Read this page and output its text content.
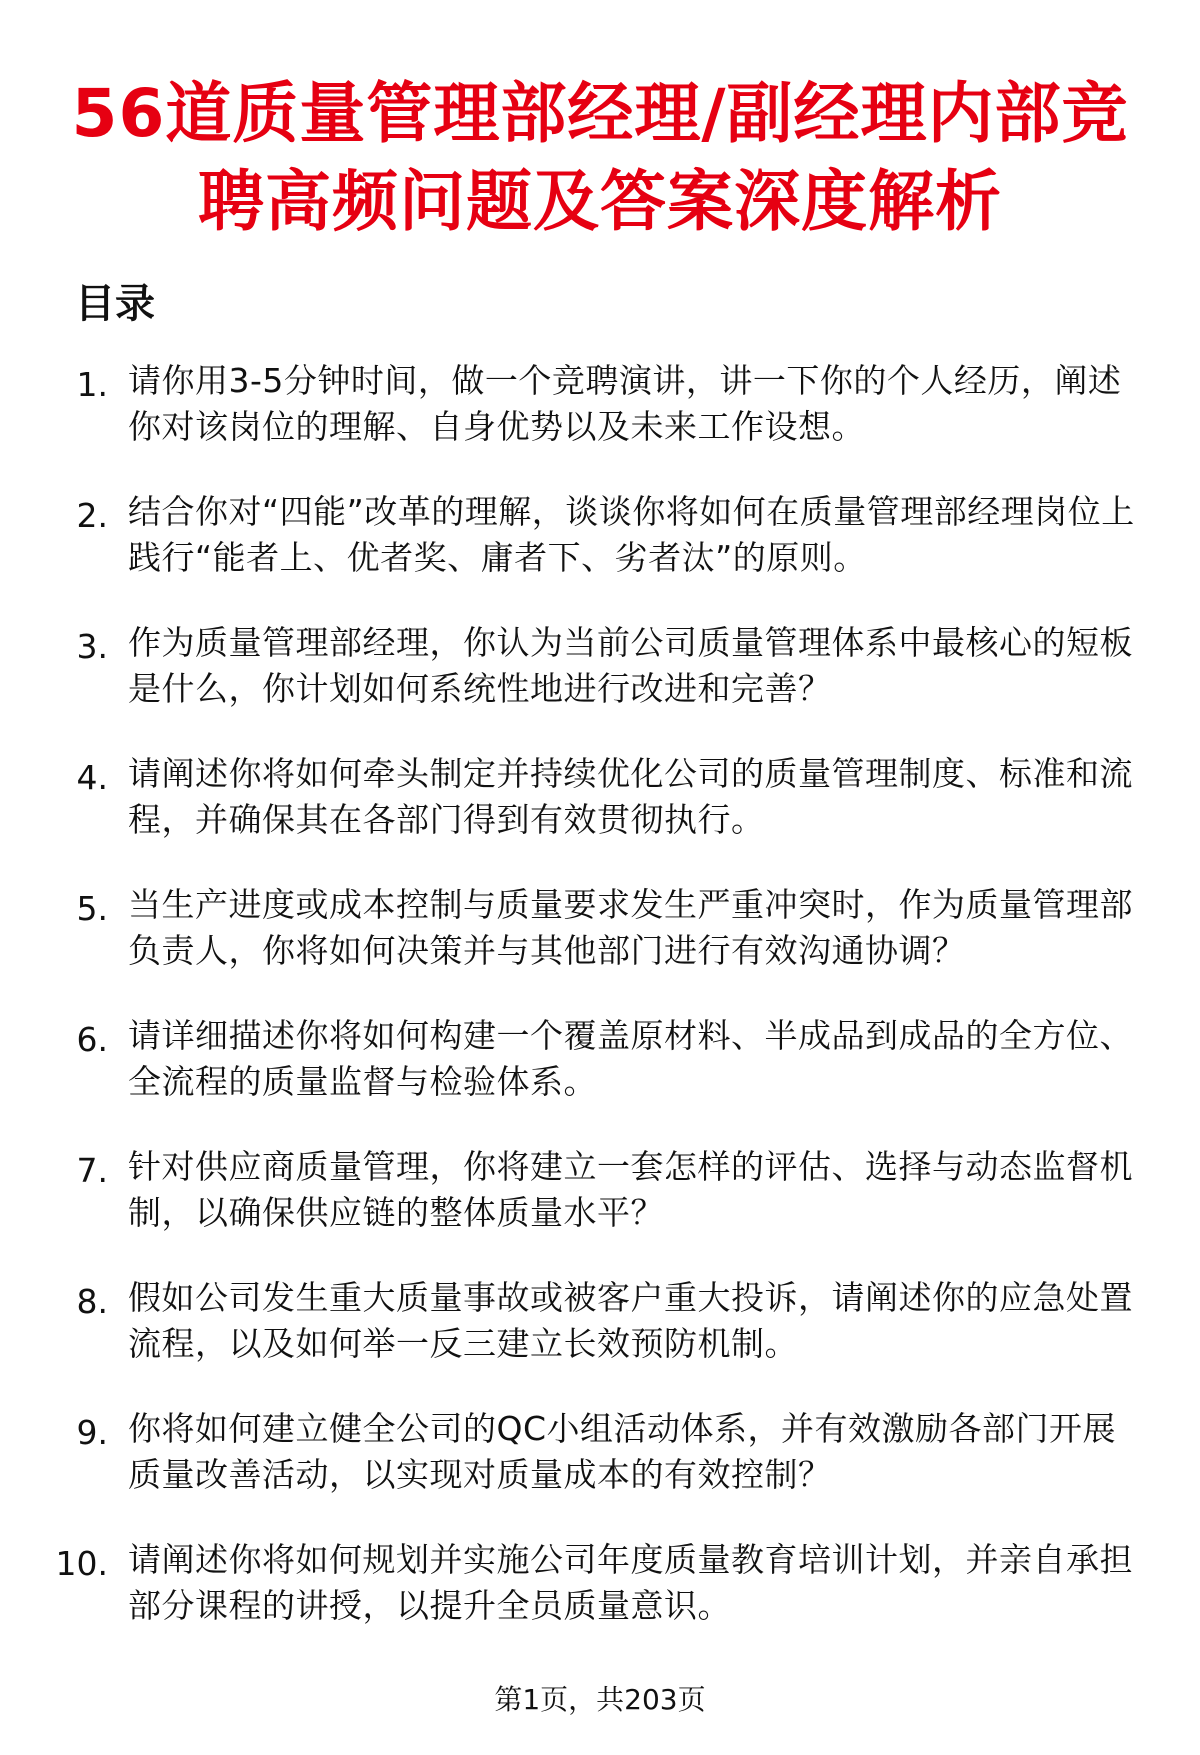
56道质量管理部经理/副经理内部竞
聘高频问题及答案深度解析
目录
1. 请你用3-5分钟时间，做一个竞聘演讲，讲一下你的个人经历，阐述你对该岗位的理解、自身优势以及未来工作设想。
2. 结合你对“四能”改革的理解，谈谈你将如何在质量管理部经理岗位上践行“能者上、优者奖、庸者下、劣者汰”的原则。
3. 作为质量管理部经理，你认为当前公司质量管理体系中最核心的短板是什么，你计划如何系统性地进行改进和完善？
4. 请阐述你将如何牵头制定并持续优化公司的质量管理制度、标准和流程，并确保其在各部门得到有效贯彻执行。
5. 当生产进度或成本控制与质量要求发生严重冲突时，作为质量管理部负责人，你将如何决策并与其他部门进行有效沟通协调？
6. 请详细描述你将如何构建一个覆盖原材料、半成品到成品的全方位、全流程的质量监督与检验体系。
7. 针对供应商质量管理，你将建立一套怎样的评估、选择与动态监督机制，以确保供应链的整体质量水平？
8. 假如公司发生重大质量事故或被客户重大投诉，请阐述你的应急处置流程，以及如何举一反三建立长效预防机制。
9. 你将如何建立健全公司的QC小组活动体系，并有效激励各部门开展质量改善活动，以实现对质量成本的有效控制？
10. 请阐述你将如何规划并实施公司年度质量教育培训计划，并亲自承担部分课程的讲授，以提升全员质量意识。

第1页，共203页
